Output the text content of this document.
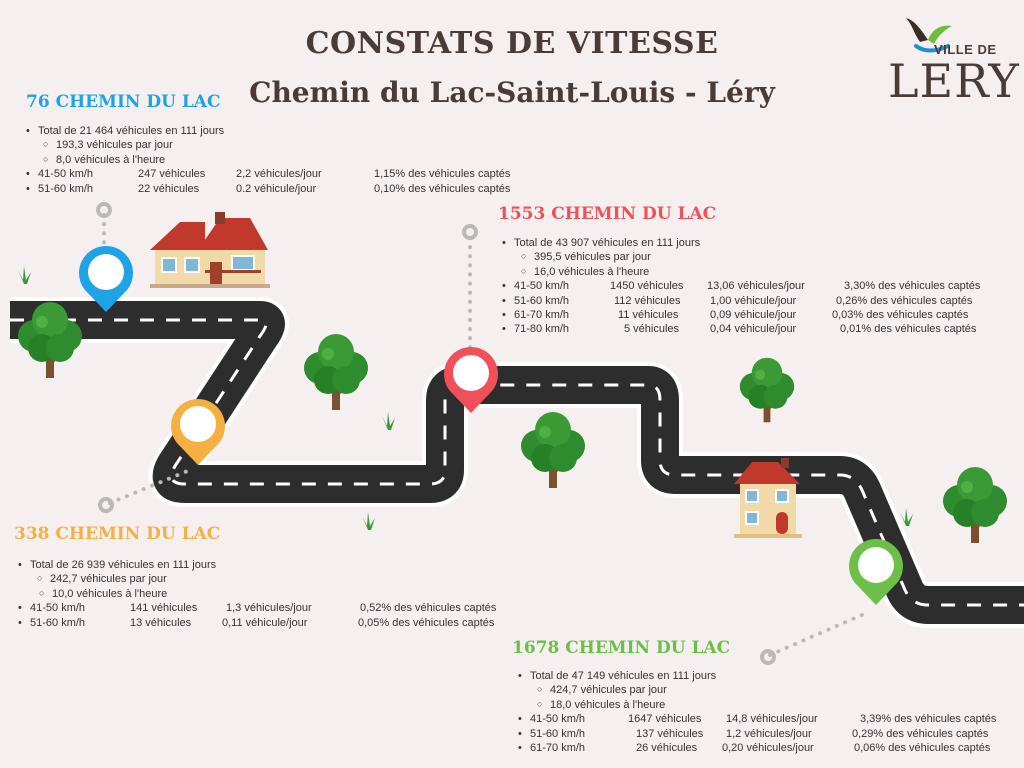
CONSTATS DE VITESSE
Chemin du Lac-Saint-Louis - Léry
VILLE DE
LERY
76 CHEMIN DU LAC
• Total de 21 464 véhicules en 111 jours
○ 193,3 véhicules par jour
○ 8,0 véhicules à l'heure
• 41-50 km/h	247 véhicules	2,2 véhicules/jour	1,15% des véhicules captés
• 51-60 km/h	22 véhicules	0.2 véhicule/jour	0,10% des véhicules captés
1553 CHEMIN DU LAC
• Total de 43 907 véhicules en 111 jours
○ 395,5 véhicules par jour
○ 16,0 véhicules à l'heure
• 41-50 km/h	1450 véhicules 13,06 véhicules/jour	3,30% des véhicules captés
• 51-60 km/h	112 véhicules	1,00 véhicule/jour	0,26% des véhicules captés
• 61-70 km/h	11 véhicules	0,09 véhicule/jour	0,03% des véhicules captés
• 71-80 km/h	5 véhicules	0,04 véhicule/jour	0,01% des véhicules captés
338 CHEMIN DU LAC
• Total de 26 939 véhicules en 111 jours
○ 242,7 véhicules par jour
○ 10,0 véhicules à l'heure
• 41-50 km/h	141 véhicules	1,3 véhicules/jour	0,52% des véhicules captés
• 51-60 km/h	13 véhicules	0,11 véhicule/jour	0,05% des véhicules captés
1678 CHEMIN DU LAC
• Total de 47 149 véhicules en 111 jours
○ 424,7 véhicules par jour
○ 18,0 véhicules à l'heure
• 41-50 km/h	1647 véhicules 14,8 véhicules/jour	3,39% des véhicules captés
• 51-60 km/h	137 véhicules 1,2 véhicules/jour	0,29% des véhicules captés
• 61-70 km/h	26 véhicules 0,20 véhicules/jour	0,06% des véhicules captés
